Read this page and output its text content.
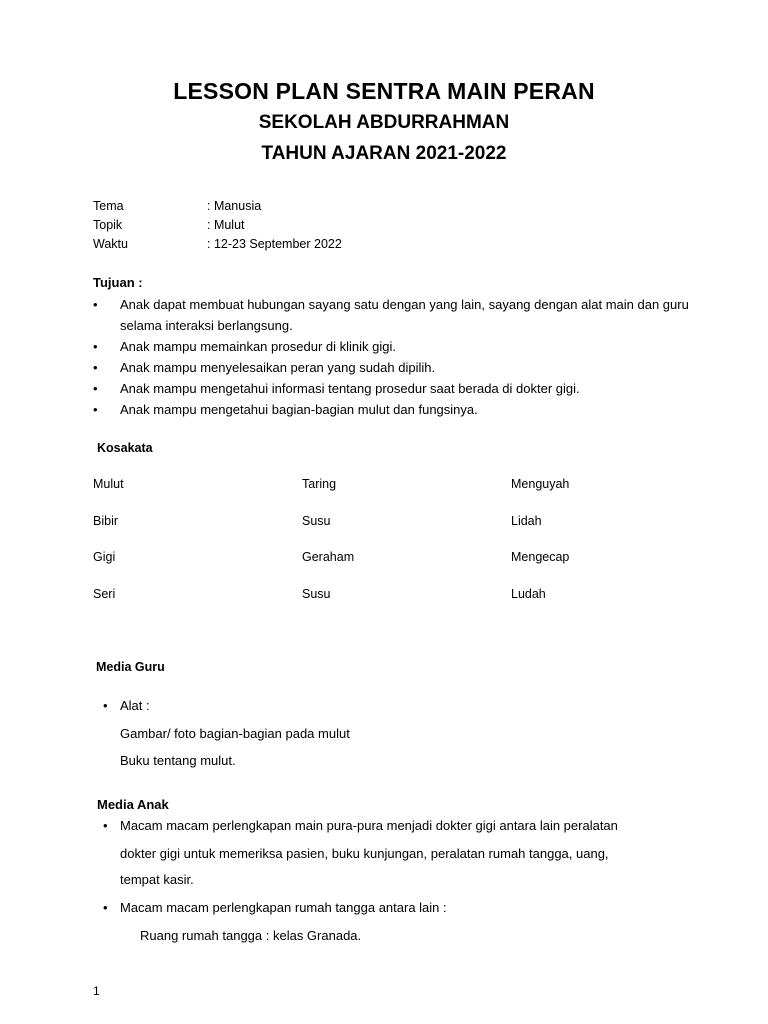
LESSON PLAN SENTRA MAIN PERAN
SEKOLAH ABDURRAHMAN
TAHUN AJARAN 2021-2022
Tema	: Manusia
Topik	: Mulut
Waktu	: 12-23 September 2022
Tujuan :
• Anak dapat membuat hubungan sayang satu dengan yang lain, sayang dengan alat main dan guru selama interaksi berlangsung.
• Anak mampu memainkan prosedur di klinik gigi.
• Anak mampu menyelesaikan peran yang sudah dipilih.
• Anak mampu mengetahui informasi tentang prosedur saat berada di dokter gigi.
• Anak mampu mengetahui bagian-bagian mulut dan fungsinya.
Kosakata
Mulut	Taring	Menguyah
Bibir	Susu	Lidah
Gigi	Geraham	Mengecap
Seri	Susu	Ludah
Media Guru
• Alat :
Gambar/ foto bagian-bagian pada mulut
Buku tentang mulut.
Media Anak
• Macam macam perlengkapan main pura-pura menjadi dokter gigi antara lain peralatan
dokter gigi untuk memeriksa pasien, buku kunjungan, peralatan rumah tangga, uang,
tempat kasir.
• Macam macam perlengkapan rumah tangga antara lain :
Ruang rumah tangga : kelas Granada.
1
